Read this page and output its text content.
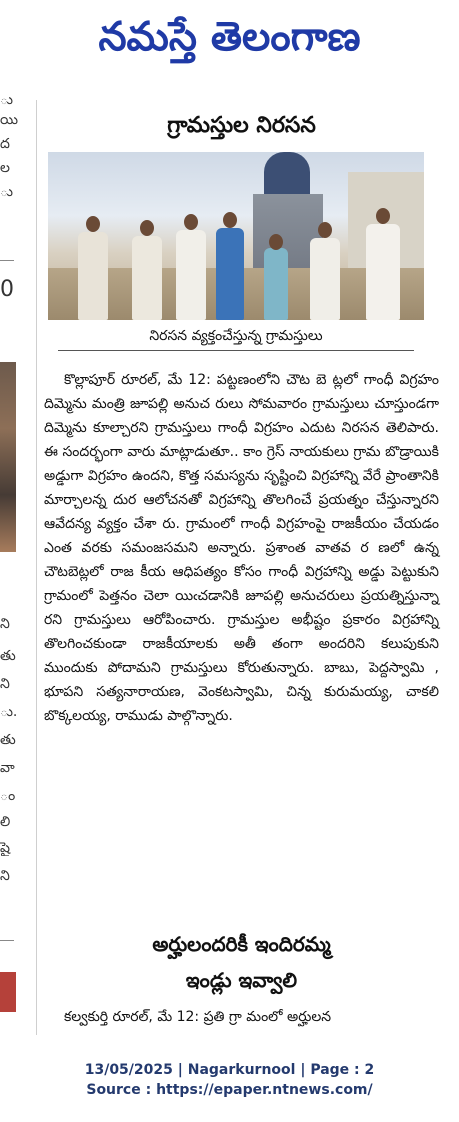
నమస్తే తెలంగాణ
ు
యి
ద
ల
ు
0
ని
తు
ని
ు.
తు
వా
ం
లి
షై
ని
గ్రామస్తుల నిరసన
నిరసన వ్యక్తంచేస్తున్న గ్రామస్తులు

కొల్లాపూర్ రూరల్, మే 12: పట్టణంలోని చౌట బె ట్లలో గాంధీ విగ్రహం దిమ్మెను మంత్రి జూపల్లి అనుచ రులు సోమవారం గ్రామస్తులు చూస్తుండగా దిమ్మెను కూల్చారని గ్రామస్తులు గాంధీ విగ్రహం ఎదుట నిరసన తెలిపారు. ఈ సందర్భంగా వారు మాట్లాడుతూ.. కాం గ్రెస్ నాయకులు గ్రామ బొడ్రాయికి అడ్డుగా విగ్రహం ఉందని, కొత్త సమస్యను సృష్టించి విగ్రహాన్ని వేరే ప్రాంతానికి మార్చాలన్న దుర ఆలోచనతో విగ్రహాన్ని తొలగించే ప్రయత్నం చేస్తున్నారని ఆవేదన్య వ్యక్తం చేశా రు. గ్రామంలో గాంధీ విగ్రహంపై రాజకీయం చేయడం ఎంత వరకు సమంజసమని అన్నారు. ప్రశాంత వాతవ ర ణలో ఉన్న చౌటబెట్లలో రాజ కీయ ఆధిపత్యం కోసం గాంధీ విగ్రహాన్ని అడ్డు పెట్టుకుని గ్రామంలో పెత్తనం చెలా యిఁచడానికి జూపల్లి అనుచరులు ప్రయత్నిస్తున్నా రని గ్రామస్తులు ఆరోపించారు. గ్రామస్తుల అభీష్టం ప్రకారం విగ్రహాన్ని తొలగించకుండా రాజకీయాలకు అతీ తంగా అందరిని కలుపుకుని ముందుకు పోదామని గ్రామస్తులు కోరుతున్నారు. బాబు, పెద్దస్వామి , భూపని సత్యనారాయణ, వెంకటస్వామి, చిన్న కురుమయ్య, చాకలి బొక్కలయ్య, రాముడు పాల్గొన్నారు.

అర్హులందరికీ ఇందిరమ్మ
ఇండ్లు ఇవ్వాలి
కల్వకుర్తి రూరల్, మే 12: ప్రతి గ్రా మంలో అర్హులన
13/05/2025 | Nagarkurnool | Page : 2
Source : https://epaper.ntnews.com/
